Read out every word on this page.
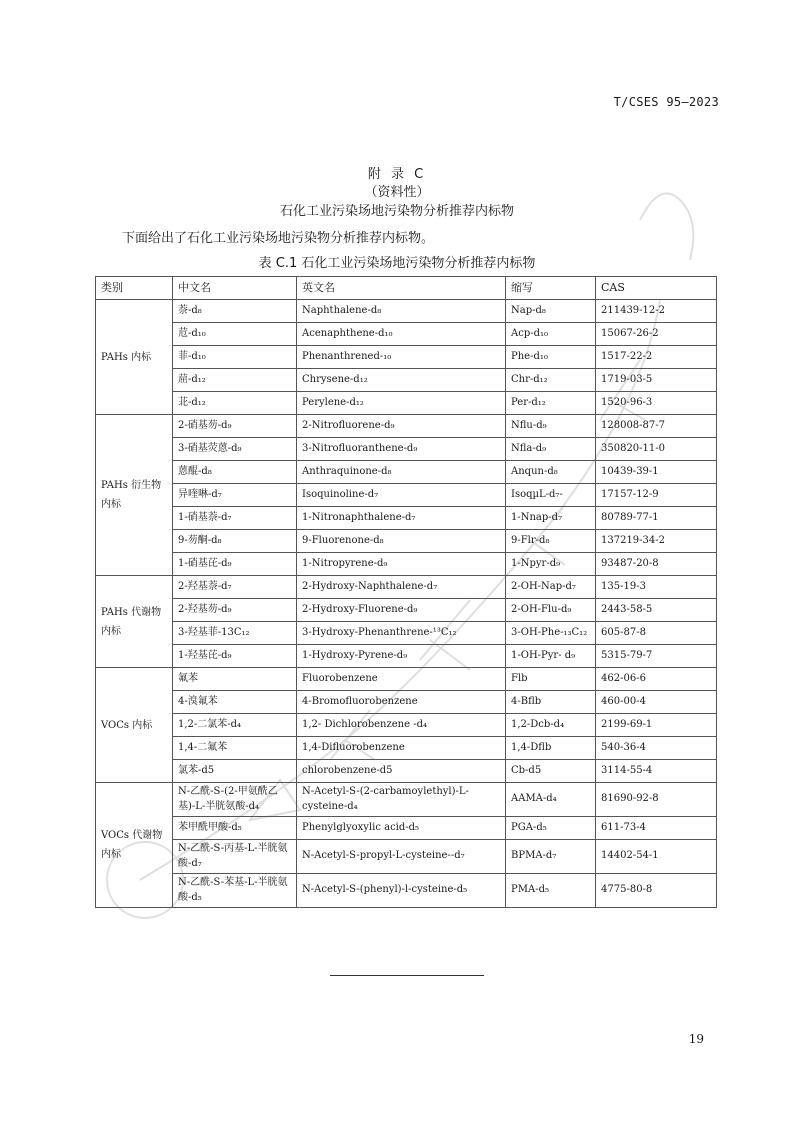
T/CSES 95—2023
附 录 C
（资料性）
石化工业污染场地污染物分析推荐内标物
下面给出了石化工业污染场地污染物分析推荐内标物。
表 C.1 石化工业污染场地污染物分析推荐内标物
类别	中文名	英文名	缩写	CAS
PAHs 内标	萘-d₈	Naphthalene-d₈	Nap-d₈	211439-12-2
	苊-d₁₀	Acenaphthene-d₁₀	Acp-d₁₀	15067-26-2
	菲-d₁₀	Phenanthrened-₁₀	Phe-d₁₀	1517-22-2
	䓛-d₁₂	Chrysene-d₁₂	Chr-d₁₂	1719-03-5
	苝-d₁₂	Perylene-d₁₂	Per-d₁₂	1520-96-3
PAHs 衍生物内标	2-硝基芴-d₉	2-Nitrofluorene-d₉	Nflu-d₉	128008-87-7
	3-硝基荧蒽-d₉	3-Nitrofluoranthene-d₉	Nfla-d₉	350820-11-0
	蒽醌-d₈	Anthraquinone-d₈	Anqun-d₈	10439-39-1
	异喹啉-d₇	Isoquinoline-d₇	IsoqµL-d₇-	17157-12-9
	1-硝基萘-d₇	1-Nitronaphthalene-d₇	1-Nnap-d₇	80789-77-1
	9-芴酮-d₈	9-Fluorenone-d₈	9-Flr-d₈	137219-34-2
	1-硝基芘-d₉	1-Nitropyrene-d₉	1-Npyr-d₉	93487-20-8
PAHs 代谢物内标	2-羟基萘-d₇	2-Hydroxy-Naphthalene-d₇	2-OH-Nap-d₇	135-19-3
	2-羟基芴-d₉	2-Hydroxy-Fluorene-d₉	2-OH-Flu-d₉	2443-58-5
	3-羟基菲-13C₁₂	3-Hydroxy-Phenanthrene-¹³C₁₂	3-OH-Phe-₁₃C₁₂	605-87-8
	1-羟基芘-d₉	1-Hydroxy-Pyrene-d₉	1-OH-Pyr- d₉	5315-79-7
VOCs 内标	氟苯	Fluorobenzene	Flb	462-06-6
	4-溴氟苯	4-Bromofluorobenzene	4-Bflb	460-00-4
	1,2-二氯苯-d₄	1,2- Dichlorobenzene -d₄	1,2-Dcb-d₄	2199-69-1
	1,4-二氟苯	1,4-Difluorobenzene	1,4-Dflb	540-36-4
	氯苯-d5	chlorobenzene-d5	Cb-d5	3114-55-4
VOCs 代谢物内标	N-乙酰-S-(2-甲氨酰乙基)-L-半胱氨酸-d₄	N-Acetyl-S-(2-carbamoylethyl)-L-cysteine-d₄	AAMA-d₄	81690-92-8
	苯甲酰甲酸-d₅	Phenylglyoxylic acid-d₅	PGA-d₅	611-73-4
	N-乙酰-S-丙基-L-半胱氨酸-d₇	N-Acetyl-S-propyl-L-cysteine--d₇	BPMA-d₇	14402-54-1
	N-乙酰-S-苯基-L-半胱氨酸-d₅	N-Acetyl-S-(phenyl)-l-cysteine-d₅	PMA-d₅	4775-80-8
19
